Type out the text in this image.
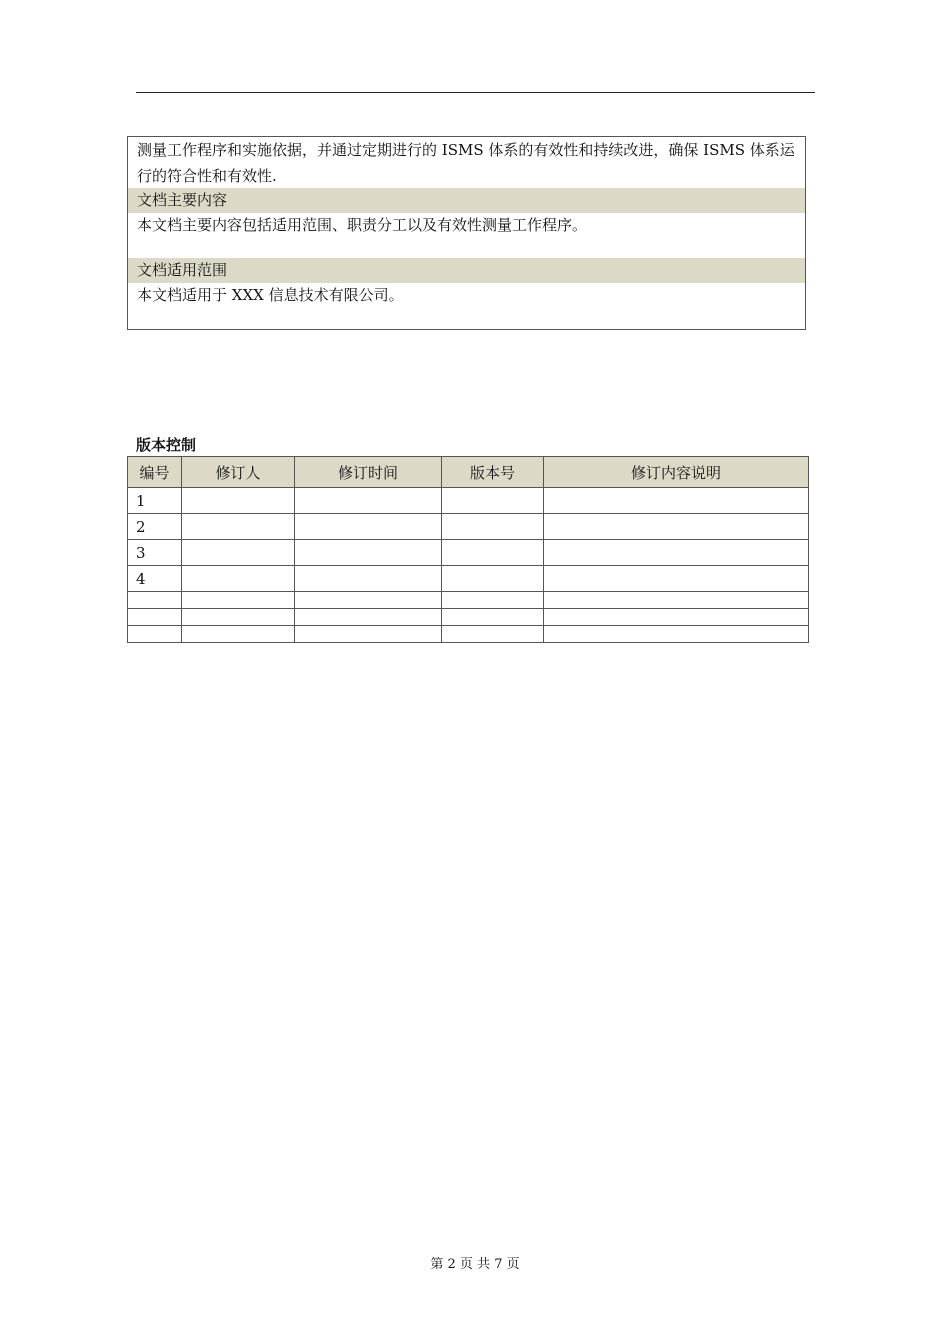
测量工作程序和实施依据，并通过定期进行的 ISMS 体系的有效性和持续改进，确保 ISMS 体系运行的符合性和有效性.
文档主要内容
本文档主要内容包括适用范围、职责分工以及有效性测量工作程序。
文档适用范围
本文档适用于 XXX 信息技术有限公司。
版本控制
编号	修订人	修订时间	版本号	修订内容说明
1				
2				
3				
4				

第 2 页 共 7 页
